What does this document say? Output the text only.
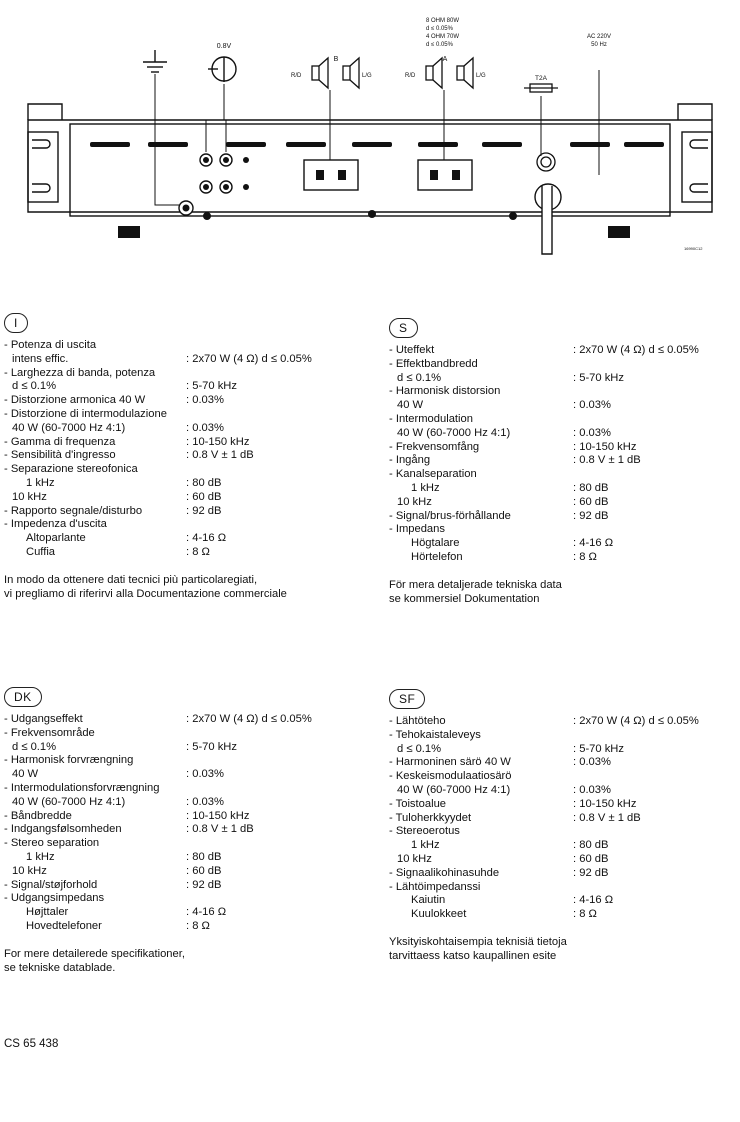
0.8V
B	A
R/D	L/G	R/D	L/G
8 OHM 80W
d ≤ 0.05%
4 OHM 70W
d ≤ 0.05%
T2A
AC 220V
50 Hz
16990C12
I
- Potenza di uscita
intens effic.	: 2x70 W (4 Ω) d ≤ 0.05%
- Larghezza di banda, potenza
d ≤ 0.1%	: 5-70 kHz
- Distorzione armonica 40 W	: 0.03%
- Distorzione di intermodulazione
40 W (60-7000 Hz 4:1)	: 0.03%
- Gamma di frequenza	: 10-150 kHz
- Sensibilità d'ingresso	: 0.8 V ± 1 dB
- Separazione stereofonica
1 kHz	: 80 dB
10 kHz	: 60 dB
- Rapporto segnale/disturbo	: 92 dB
- Impedenza d'uscita
Altoparlante	: 4-16 Ω
Cuffia	: 8 Ω
In modo da ottenere dati tecnici più particolaregiati,
vi pregliamo di riferirvi alla Documentazione commerciale
S
- Uteffekt	: 2x70 W (4 Ω) d ≤ 0.05%
- Effektbandbredd
d ≤ 0.1%	: 5-70 kHz
- Harmonisk distorsion
40 W	: 0.03%
- Intermodulation
40 W (60-7000 Hz 4:1)	: 0.03%
- Frekvensomfång	: 10-150 kHz
- Ingång	: 0.8 V ± 1 dB
- Kanalseparation
1 kHz	: 80 dB
10 kHz	: 60 dB
- Signal/brus-förhållande	: 92 dB
- Impedans
Högtalare	: 4-16 Ω
Hörtelefon	: 8 Ω
För mera detaljerade tekniska data
se kommersiel Dokumentation
DK
- Udgangseffekt	: 2x70 W (4 Ω) d ≤ 0.05%
- Frekvensområde
d ≤ 0.1%	: 5-70 kHz
- Harmonisk forvrængning
40 W	: 0.03%
- Intermodulationsforvrængning
40 W (60-7000 Hz 4:1)	: 0.03%
- Båndbredde	: 10-150 kHz
- Indgangsfølsomheden	: 0.8 V ± 1 dB
- Stereo separation
1 kHz	: 80 dB
10 kHz	: 60 dB
- Signal/støjforhold	: 92 dB
- Udgangsimpedans
Højttaler	: 4-16 Ω
Hovedtelefoner	: 8 Ω
For mere detailerede specifikationer,
se tekniske datablade.
SF
- Lähtöteho	: 2x70 W (4 Ω) d ≤ 0.05%
- Tehokaistaleveys
d ≤ 0.1%	: 5-70 kHz
- Harmoninen särö 40 W	: 0.03%
- Keskeismodulaatiosärö
40 W (60-7000 Hz 4:1)	: 0.03%
- Toistoalue	: 10-150 kHz
- Tuloherkkyydet	: 0.8 V ± 1 dB
- Stereoerotus
1 kHz	: 80 dB
10 kHz	: 60 dB
- Signaalikohinasuhde	: 92 dB
- Lähtöimpedanssi
Kaiutin	: 4-16 Ω
Kuulokkeet	: 8 Ω
Yksityiskohtaisempia teknisiä tietoja
tarvittaess katso kaupallinen esite
CS 65 438
